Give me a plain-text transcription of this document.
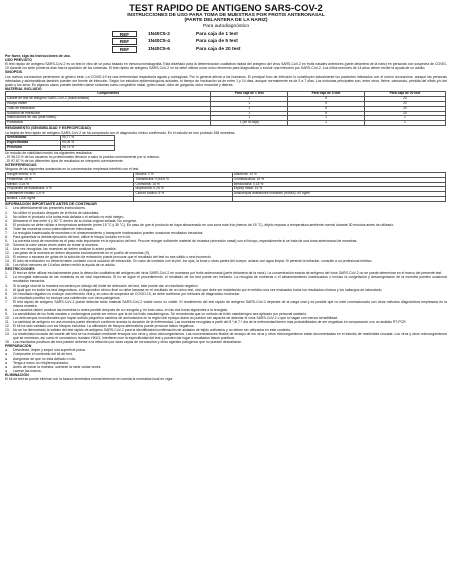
TEST RAPIDO DE ANTIGENO SARS-COV-2
INSTRUCCIONES DE USO PARA TOMA DE MUESTRAS POR FROTIS ANTERONASAL
(PARTE DELANTERA DE LA NARIZ)
Para autodiagnóstico
REF	1N40C5-2	Para caja de 1 test
REF	1N40C5-4	Para caja de 5 test
REF	1N40C5-6	Para caja de 20 test
Por favor, siga las instrucciones de uso.
USO PREVISTO
El test rápido de antígeno SARS-CoV-2 es un test in vitro de un paso basado en inmunocromatografía. Está diseñado para la determinación cualitativa rápida del antígeno del virus SARS-CoV-2 en frotis nasales anteriores (parte delantera de la nariz) en personas con sospecha de COVID-19 durante los siete primeros días tras la aparición de los síntomas. El test rápido de antígeno SARS-CoV-2 no se debe utilizar como único elemento para diagnosticar o excluir una infección por SARS-CoV-2. Los niños menores de 14 años deben recibir la ayuda de un adulto.
SINOPSIS
Los nuevos coronavirus pertenecen al género beta. La COVID-19 es una enfermedad respiratoria aguda y contagiosa. Por lo general afecta a los humanos. El principal foco de infección lo constituyen actualmente los pacientes infectados con el nuevo coronavirus, aunque las personas infectadas y asintomáticas también pueden ser fuente de infección. Según los estudios epidemiológicos actuales, el tiempo de incubación va de entre 1 y 14 días, aunque normalmente es de 3 a 7 días. Los síntomas principales son, entre otros, fiebre, cansancio, pérdida del olfato y/o del gusto y tos seca. En algunos casos pueden también darse síntomas como congestión nasal, goteo nasal, dolor de garganta, dolor muscular y diarrea.
MATERIAL INCLUIDO
Componentes	Para caja de 1 test	Para caja de 5 test	Para caja de 20 test
Casete de test de antígeno SARS-CoV-2 (bolsa sellada)	1	5	20
Hisopo estéril	1	5	20
Tubo de extracción	1	5	20
Solución de extracción	1	5	20
Instrucciones de uso (este folleto)	1	1	1
Portatubos	1 (en la caja)	1	1
RENDIMIENTO (SENSIBILIDAD Y ESPECIFICIDAD)
La tarjeta de test rápido de antígeno SARS-CoV-2 se ha comparado con el diagnóstico clínico confirmado. En el estudio se han probado 158 muestras.
Sensibilidad	95,77 %
Especificidad	99,05 %
Precisión	98,73 %
Un estudio de viabilidad mostró los siguientes resultados:
- El 98,10 % de los usuarios no profesionales llevaron a cabo la prueba correctamente por sí mismos.
- El 97,87 % de los diferentes tipos de resultados se interpretó correctamente.
INTERFERENCIAS
Ninguna de las siguientes sustancias en la concentración empleada interfirió con el test.
Sangre entera: 5 %	Mucina: 2 %	Albúmina: 10 %
Fenilefrina: 15 %	Tobramicina: 0,0004 %	Oximetazolina: 15 %
Mentol: 0,15 %	Cromolina: 15 %	Benzocaína: 0,15 %
Propionato de fluticasona: 5 %	Mupirocina: 0,25 %	Espray nasal: 15 %
Oseltamivir fosfato: 0,5 %	Cloruro sódico: 5 %	Anticuerpos antiratones humanos (HAMA): 60 ng/ml
Biotina: 1200 ng/ml		
INFORMACIÓN IMPORTANTE ANTES DE CONTINUAR
1.	Lea detenidamente las presentes instrucciones.
2.	No utilice el producto después de la fecha de caducidad.
3.	No utilice el producto si la bolsa está dañada o el sellado no está íntegro.
4.	Almacene el test entre 4 y 30 °C dentro de su bolsa original sellada. No congelar.
5.	El producto se debe utilizar a temperatura ambiente (entre 15 °C y 30 °C). En caso de que el producto se haya almacenado en una zona más fría (menos de 15 °C), déjelo reposar a temperatura ambiente normal durante 30 minutos antes de utilizarlo.
6.	Trate las muestras como potencialmente infecciosas.
7.	La recogida inadecuada de muestras o el almacenamiento y transporte inadecuados pueden ocasionar resultados inexactos.
8.	Para garantizar la debida ejecución del test, utilice el hisopo incluido en el kit.
9.	La correcta toma de muestras es el paso más importante en la ejecución del test. Procure recoger suficiente material de muestra (secreción nasal) con el hisopo, especialmente si se trata de una toma anteronasal de muestras.
10. Sónese la nariz varias veces antes de tomar la muestra.
11.	Una vez recogidas, las muestras se deben analizar lo antes posible.
12. Las gotas de la muestra se deben depositar exclusivamente en el pocillo de muestras (S).
13. El exceso o escasez de gotas de la solución de extracción puede provocar que el resultado del test no sea válido o sea incorrecto.
14. El tubo de extracción no debería haber contacto con la solución de extracción. En caso de contacto con la piel, los ojos, la boca u otras partes del cuerpo, aclarar con agua limpia. Si persiste la irritación, consulte a un profesional médico.
15. Los niños menores de 14 años deben recibir la ayuda de un adulto.
RESTRICCIONES
1.	El test se debe utilizar exclusivamente para la detección cualitativa del antígeno del virus SARS-CoV-2 en muestras por frotis anteronasal (parte delantera de la nariz). La concentración exacta de antígeno del virus SARS-CoV-2 no se puede determinar en el marco del presente test.
2.	La recogida adecuada de las muestras es de vital importancia. Si no se sigue el procedimiento, el resultado de los test puede ser inexacto. La recogida de muestras o el almacenamiento inadecuados o incluso la congelación y descongelación de la muestra pueden ocasionar resultados inexactos.
3.	Si la carga viral de la muestra encuentra por debajo del límite de detección del test, éste puede dar un resultado negativo.
4.	Al igual que en todos los test diagnósticos, el diagnóstico clínico final no debe basarse en el resultado de un único test, sino que debe ser establecido por el médico una vez evaluados todos los resultados clínicos y los hallazgos de laboratorio.
5.	Un resultado negativo no excluye una infección viral y, en caso de sospecha de COVID-19, se debe confirmar por métodos de diagnóstico molecular.
6.	Un resultado positivo no excluye una coinfección con otros patógenos.
7.	El test rápido de antígeno SARS-CoV-2 puede detectar tanto material SARS-CoV-2 viable como no viable. El rendimiento del test rápido de antígeno SARS-CoV-2 depende de la carga viral y es posible que no esté correlacionado con otros métodos diagnósticos empleados en la misma muestra.
8.	Los usuarios deben analizar las muestras lo antes posible después de su recogida y, en todo caso, en las dos horas siguientes a la recogida.
9.	La sensibilidad de los frotis nasales u orofaríngeos puede ser menor que la de los frotis nasofaríngeos. Se recomienda que un método de frotis nasofaríngeo sea aplicado por personal sanitario.
10. Los anticuerpos monoclonales que hayan sufrido pequeños cambios de aminoácidos en la región del epítopo diana no pueden ser capaces de detectar el virus SARS-CoV-2 o que lo hagan con menos sensibilidad.
11.	La cantidad de antígeno en una muestra puede disminuir conforme avanza la duración de la enfermedad. Las muestras recogidas a partir del 5.º al 7.º día de la enfermedad tienen más probabilidades de ser negativas en comparación con un análisis RT-PCR.
12. El kit ha sido validado con los hisopos incluidos. La utilización de hisopos alternativos puede provocar falsos negativos.
13. No se ha demostrado la validez del test rápido de antígeno SARS-CoV-2 para la identificación/confirmación de aislados de tejido cultivados y no deben ser utilizados en este contexto.
14. La reactividad cruzada del casete del test se ha evaluado mediante ensayos con virus y otros microorganismos. Las concentraciones finales de ensayo de los virus y otros microorganismos están documentadas en el estudio de reactividad cruzada. Los virus y otros microorganismos que se muestran, así como el coronavirus humano HKU1, interfieren con la especificidad del test y pueden dar lugar a resultados falsos positivos.
15. Los resultados positivos del test pueden deberse a la infección por otras cepas de coronavirus y otros agentes patógenos que no pueden descartarse.
PREPARACIÓN
●	Desinfecte, limpie y seque una superficie plana.
●	Compruebe el contenido del kit de test.
●	Asegúrese de que no está dañado o roto.
●	Tenga a mano un reloj/temporizador.
●	Antes de tomar la muestra, suénese la nariz varias veces.
●	Lávese las manos.
ELIMINACIÓN
El kit de test se puede eliminar con la basura doméstica normal teniendo en cuenta la normativa local en vigor.
